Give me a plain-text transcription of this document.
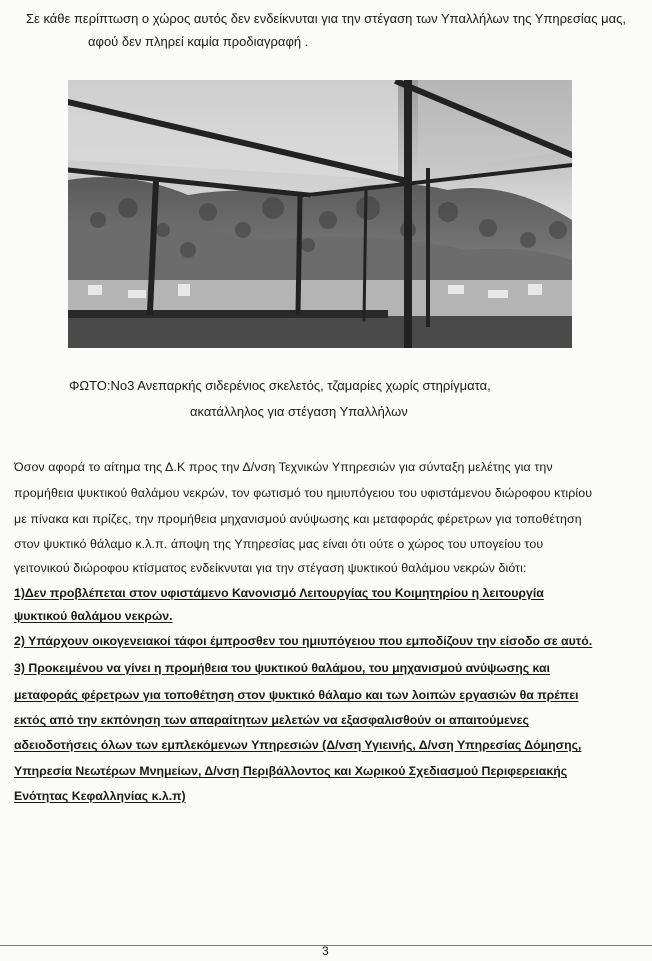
Σε κάθε περίπτωση ο χώρος αυτός δεν ενδείκνυται για την στέγαση των Υπαλλήλων της Υπηρεσίας μας,
αφού δεν πληρεί καμία προδιαγραφή .
ΦΩΤΟ:Νο3 Ανεπαρκής σιδερένιος σκελετός, τζαμαρίες χωρίς στηρίγματα,
ακατάλληλος για στέγαση Υπαλλήλων
Όσον αφορά το αίτημα της Δ.Κ προς την Δ/νση Τεχνικών Υπηρεσιών για σύνταξη μελέτης για την
προμήθεια ψυκτικού θαλάμου νεκρών, τον φωτισμό του ημιυπόγειου του υφιστάμενου διώροφου κτιρίου
με πίνακα και πρίζες, την προμήθεια μηχανισμού ανύψωσης και μεταφοράς φέρετρων για τοποθέτηση
στον ψυκτικό θάλαμο κ.λ.π. άποψη της Υπηρεσίας μας είναι ότι ούτε ο χώρος του υπογείου του
γειτονικού διώροφου κτίσματος ενδείκνυται για την στέγαση ψυκτικού θαλάμου νεκρών διότι:
1)Δεν προβλέπεται στον υφιστάμενο Κανονισμό Λειτουργίας του Κοιμητηρίου η λειτουργία
ψυκτικού θαλάμου νεκρών.
2) Υπάρχουν οικογενειακοί τάφοι έμπροσθεν του ημιυπόγειου που εμποδίζουν την είσοδο σε αυτό.
3) Προκειμένου να γίνει η προμήθεια του ψυκτικού θαλάμου, του μηχανισμού ανύψωσης και
μεταφοράς φέρετρων για τοποθέτηση στον ψυκτικό θάλαμο και των λοιπών εργασιών θα πρέπει
εκτός από την εκπόνηση των απαραίτητων μελετών να εξασφαλισθούν οι απαιτούμενες
αδειοδοτήσεις όλων των εμπλεκόμενων Υπηρεσιών (Δ/νση Υγιεινής, Δ/νση Υπηρεσίας Δόμησης,
Υπηρεσία Νεωτέρων Μνημείων, Δ/νση Περιβάλλοντος και Χωρικού Σχεδιασμού Περιφερειακής
Ενότητας Κεφαλληνίας κ.λ.π)
3
